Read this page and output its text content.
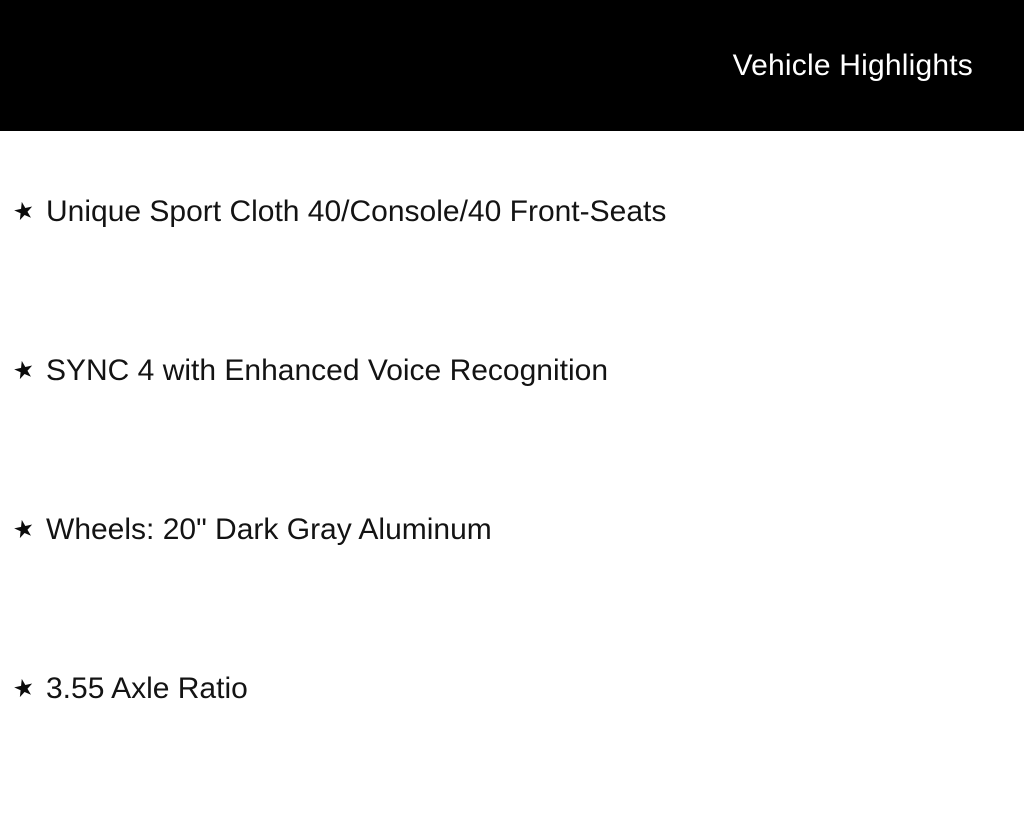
Vehicle Highlights
★ Unique Sport Cloth 40/Console/40 Front-Seats
★ SYNC 4 with Enhanced Voice Recognition
★ Wheels: 20" Dark Gray Aluminum
★ 3.55 Axle Ratio
